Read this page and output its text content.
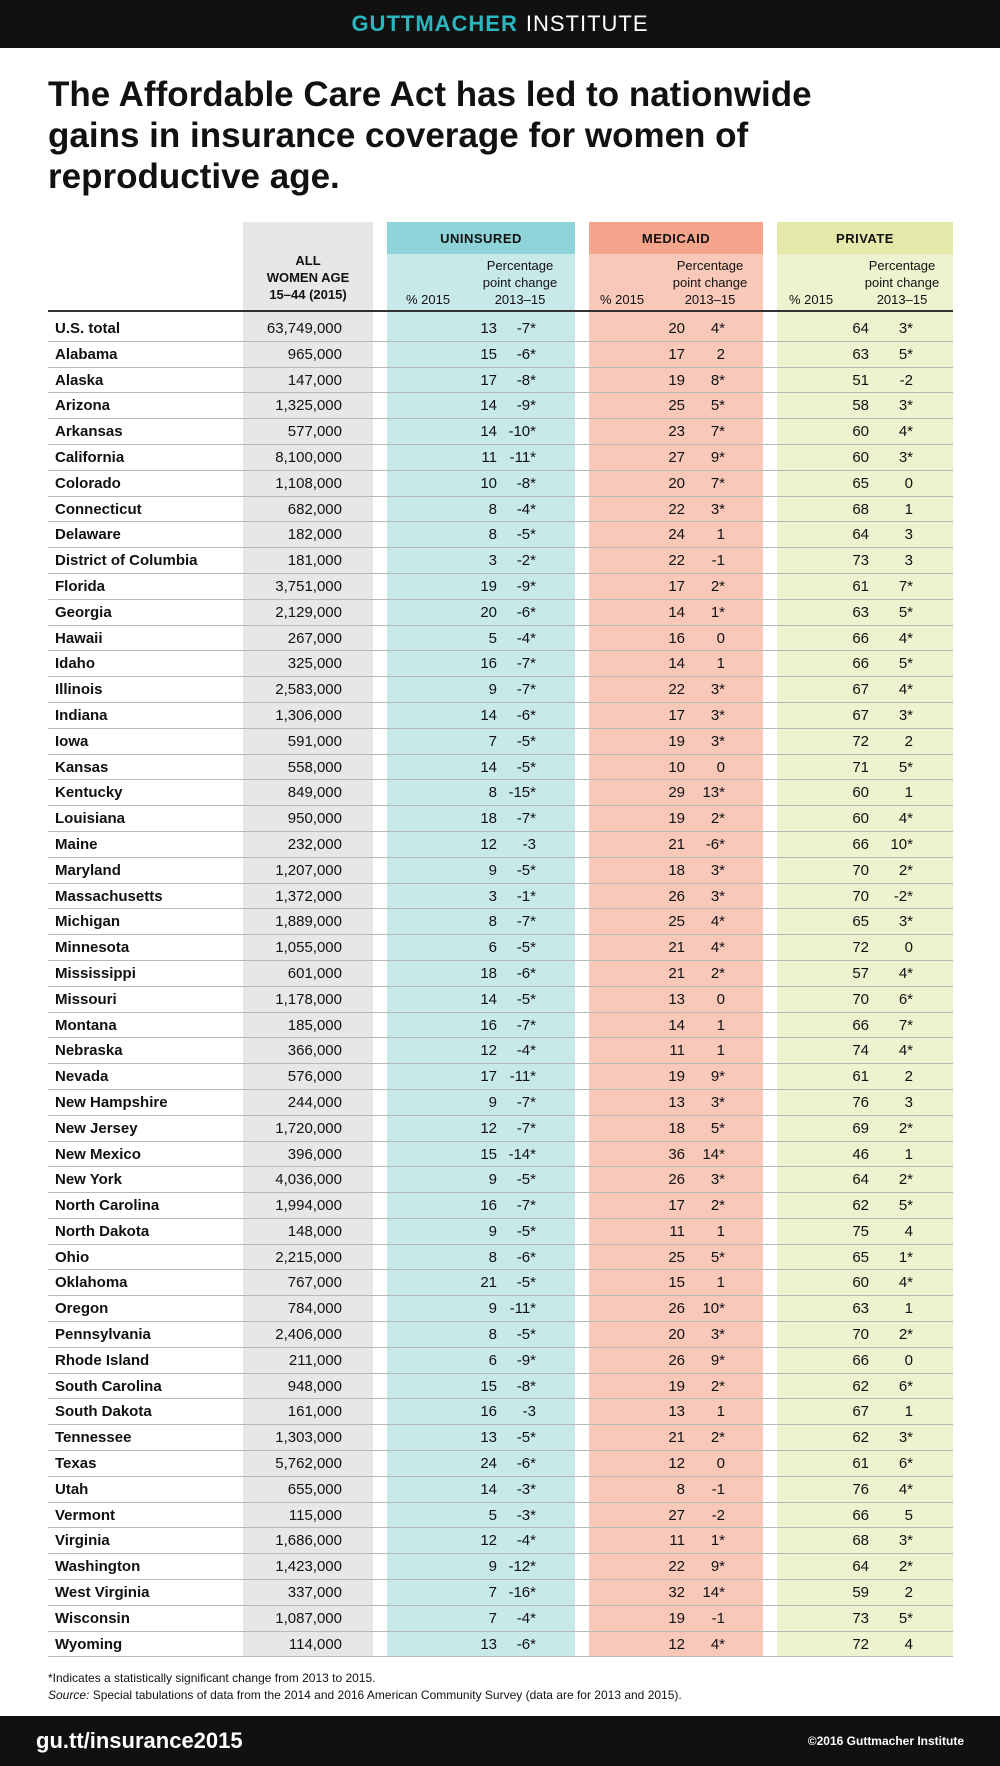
GUTTMACHER INSTITUTE
The Affordable Care Act has led to nationwide gains in insurance coverage for women of reproductive age.
UNINSURED	MEDICAID	PRIVATE
ALL
WOMEN AGE
15–44 (2015)	% 2015
Percentage
point change
2013–15	% 2015
Percentage
point change
2013–15	% 2015
Percentage
point change
2013–15
U.S. total	63,749,000	13	-7*	20	4*	64	3*
Alabama	965,000	15	-6*	17	2	63	5*
Alaska	147,000	17	-8*	19	8*	51	-2
Arizona	1,325,000	14	-9*	25	5*	58	3*
Arkansas	577,000	14 -10*	23	7*	60	4*
California	8,100,000	11 -11*	27	9*	60	3*
Colorado	1,108,000	10	-8*	20	7*	65	0
Connecticut	682,000	8	-4*	22	3*	68	1
Delaware	182,000	8	-5*	24	1	64	3
District of Columbia	181,000	3	-2*	22	-1	73	3
Florida	3,751,000	19	-9*	17	2*	61	7*
Georgia	2,129,000	20	-6*	14	1*	63	5*
Hawaii	267,000	5	-4*	16	0	66	4*
Idaho	325,000	16	-7*	14	1	66	5*
Illinois	2,583,000	9	-7*	22	3*	67	4*
Indiana	1,306,000	14	-6*	17	3*	67	3*
Iowa	591,000	7	-5*	19	3*	72	2
Kansas	558,000	14	-5*	10	0	71	5*
Kentucky	849,000	8 -15*	29	13*	60	1
Louisiana	950,000	18	-7*	19	2*	60	4*
Maine	232,000	12	-3	21	-6*	66	10*
Maryland	1,207,000	9	-5*	18	3*	70	2*
Massachusetts	1,372,000	3	-1*	26	3*	70	-2*
Michigan	1,889,000	8	-7*	25	4*	65	3*
Minnesota	1,055,000	6	-5*	21	4*	72	0
Mississippi	601,000	18	-6*	21	2*	57	4*
Missouri	1,178,000	14	-5*	13	0	70	6*
Montana	185,000	16	-7*	14	1	66	7*
Nebraska	366,000	12	-4*	11	1	74	4*
Nevada	576,000	17 -11*	19	9*	61	2
New Hampshire	244,000	9	-7*	13	3*	76	3
New Jersey	1,720,000	12	-7*	18	5*	69	2*
New Mexico	396,000	15 -14*	36	14*	46	1
New York	4,036,000	9	-5*	26	3*	64	2*
North Carolina	1,994,000	16	-7*	17	2*	62	5*
North Dakota	148,000	9	-5*	11	1	75	4
Ohio	2,215,000	8	-6*	25	5*	65	1*
Oklahoma	767,000	21	-5*	15	1	60	4*
Oregon	784,000	9 -11*	26	10*	63	1
Pennsylvania	2,406,000	8	-5*	20	3*	70	2*
Rhode Island	211,000	6	-9*	26	9*	66	0
South Carolina	948,000	15	-8*	19	2*	62	6*
South Dakota	161,000	16	-3	13	1	67	1
Tennessee	1,303,000	13	-5*	21	2*	62	3*
Texas	5,762,000	24	-6*	12	0	61	6*
Utah	655,000	14	-3*	8	-1	76	4*
Vermont	115,000	5	-3*	27	-2	66	5
Virginia	1,686,000	12	-4*	11	1*	68	3*
Washington	1,423,000	9 -12*	22	9*	64	2*
West Virginia	337,000	7 -16*	32	14*	59	2
Wisconsin	1,087,000	7	-4*	19	-1	73	5*
Wyoming	114,000	13	-6*	12	4*	72	4
*Indicates a statistically significant change from 2013 to 2015.
Source: Special tabulations of data from the 2014 and 2016 American Community Survey (data are for 2013 and 2015).
gu.tt/insurance2015	©2016 Guttmacher Institute
